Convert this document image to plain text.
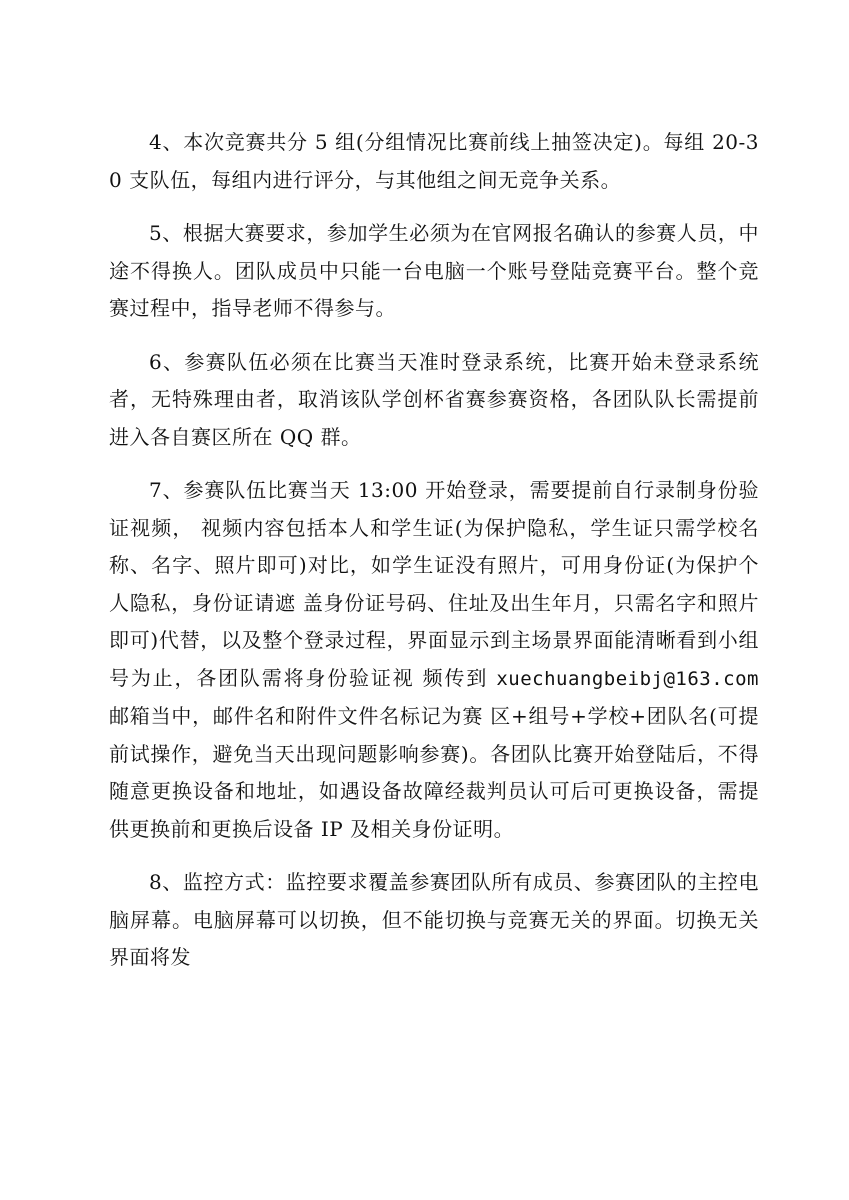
4、本次竞赛共分 5 组(分组情况比赛前线上抽签决定)。每组 20-30 支队伍，每组内进行评分，与其他组之间无竞争关系。

5、根据大赛要求，参加学生必须为在官网报名确认的参赛人员，中途不得换人。团队成员中只能一台电脑一个账号登陆竞赛平台。整个竞赛过程中，指导老师不得参与。

6、参赛队伍必须在比赛当天准时登录系统，比赛开始未登录系统者，无特殊理由者，取消该队学创杯省赛参赛资格，各团队队长需提前进入各自赛区所在 QQ 群。

7、参赛队伍比赛当天 13:00 开始登录，需要提前自行录制身份验证视频， 视频内容包括本人和学生证(为保护隐私，学生证只需学校名称、名字、照片即可)对比，如学生证没有照片，可用身份证(为保护个人隐私，身份证请遮 盖身份证号码、住址及出生年月，只需名字和照片即可)代替，以及整个登录过程，界面显示到主场景界面能清晰看到小组号为止，各团队需将身份验证视 频传到 xuechuangbeibj@163.com 邮箱当中，邮件名和附件文件名标记为赛 区+组号+学校+团队名(可提前试操作，避免当天出现问题影响参赛)。各团队比赛开始登陆后，不得随意更换设备和地址，如遇设备故障经裁判员认可后可更换设备，需提供更换前和更换后设备 IP 及相关身份证明。

8、监控方式：监控要求覆盖参赛团队所有成员、参赛团队的主控电脑屏幕。电脑屏幕可以切换，但不能切换与竞赛无关的界面。切换无关界面将发
